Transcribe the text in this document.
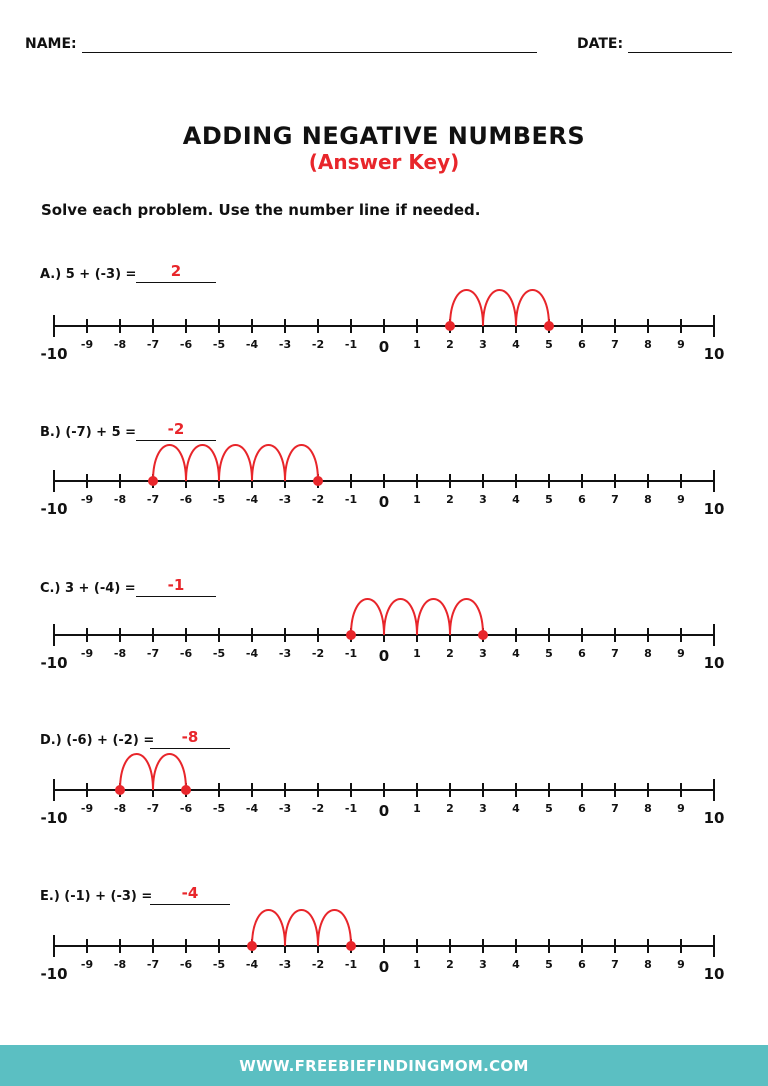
NAME:	DATE:
ADDING NEGATIVE NUMBERS
(Answer Key)
Solve each problem. Use the number line if needed.
A.) 5 + (-3) =	2
-10
-9 -8 -7 -6 -5 -4 -3 -2 -1 0 1 2 3 4 5 6 7 8 9
10
B.) (-7) + 5 =	-2
-10
-9 -8 -7 -6 -5 -4 -3 -2 -1 0 1 2 3 4 5 6 7 8 9
10
C.) 3 + (-4) =	-1
-10
-9 -8 -7 -6 -5 -4 -3 -2 -1 0 1 2 3 4 5 6 7 8 9
10
D.) (-6) + (-2) =	-8
-10
-9 -8 -7 -6 -5 -4 -3 -2 -1 0 1 2 3 4 5 6 7 8 9
10
E.) (-1) + (-3) =	-4
-10
-9 -8 -7 -6 -5 -4 -3 -2 -1 0 1 2 3 4 5 6 7 8 9
10
WWW.FREEBIEFINDINGMOM.COM
